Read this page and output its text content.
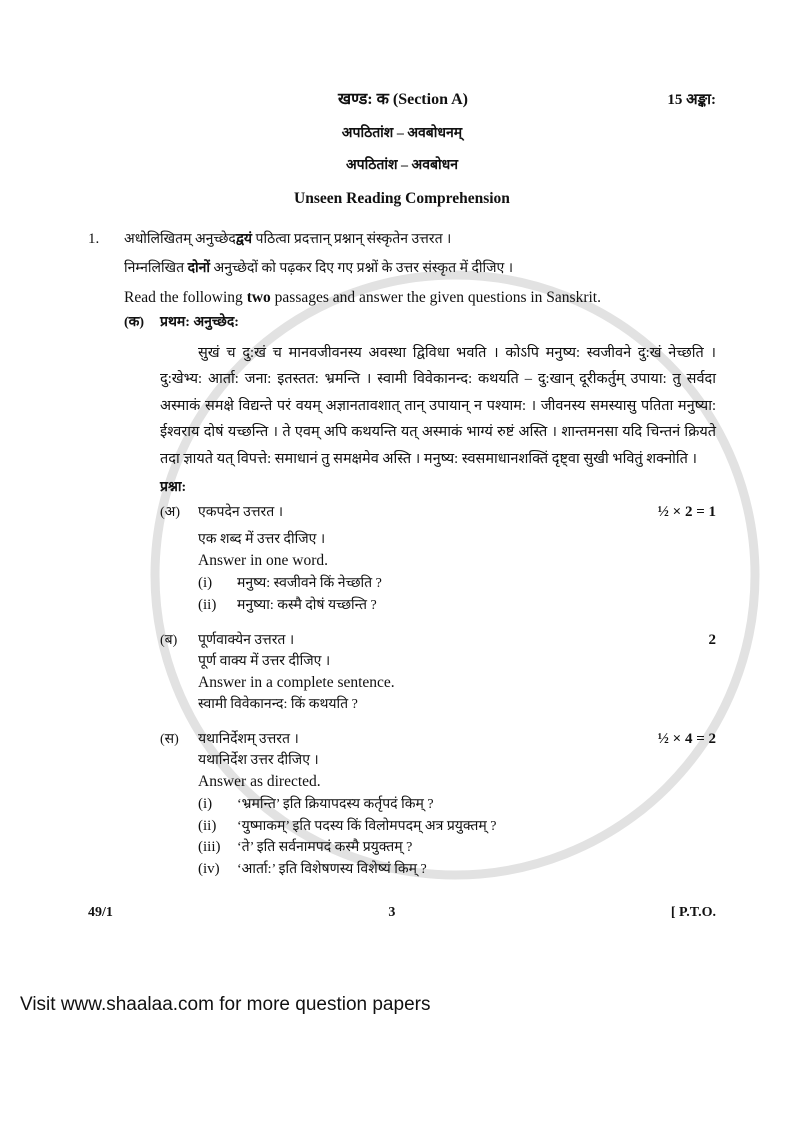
खण्ड: क (Section A)	15 अङ्का:
अपठितांश – अवबोधनम्
अपठितांश – अवबोधन
Unseen Reading Comprehension
1.	अधोलिखितम् अनुच्छेदद्वयं पठित्वा प्रदत्तान् प्रश्नान् संस्कृतेन उत्तरत ।
निम्नलिखित दोनों अनुच्छेदों को पढ़कर दिए गए प्रश्नों के उत्तर संस्कृत में दीजिए ।
Read the following two passages and answer the given questions in Sanskrit.
(क)	प्रथम: अनुच्छेद:
सुखं च दु:खं च मानवजीवनस्य अवस्था द्विविधा भवति । कोऽपि मनुष्य: स्वजीवने दु:खं नेच्छति । दु:खेभ्य: आर्ता: जना: इतस्तत: भ्रमन्ति । स्वामी विवेकानन्द: कथयति – दु:खान् दूरीकर्तुम् उपाया: तु सर्वदा अस्माकं समक्षे विद्यन्ते परं वयम् अज्ञानतावशात् तान् उपायान् न पश्याम: । जीवनस्य समस्यासु पतिता मनुष्या: ईश्वराय दोषं यच्छन्ति । ते एवम् अपि कथयन्ति यत् अस्माकं भाग्यं रुष्टं अस्ति । शान्तमनसा यदि चिन्तनं क्रियते तदा ज्ञायते यत् विपत्ते: समाधानं तु समक्षमेव अस्ति । मनुष्य: स्वसमाधानशक्तिं दृष्ट्वा सुखी भवितुं शक्नोति ।
प्रश्ना:
(अ)	एकपदेन उत्तरत ।	½ × 2 = 1
एक शब्द में उत्तर दीजिए ।
Answer in one word.
(i)	मनुष्य: स्वजीवने किं नेच्छति ?
(ii)	मनुष्या: कस्मै दोषं यच्छन्ति ?
(ब)	पूर्णवाक्येन उत्तरत ।	2
पूर्ण वाक्य में उत्तर दीजिए ।
Answer in a complete sentence.
स्वामी विवेकानन्द: किं कथयति ?
(स)	यथानिर्देशम् उत्तरत ।	½ × 4 = 2
यथानिर्देश उत्तर दीजिए ।
Answer as directed.
(i)	‘भ्रमन्ति’ इति क्रियापदस्य कर्तृपदं किम् ?
(ii)	‘युष्माकम्’ इति पदस्य किं विलोमपदम् अत्र प्रयुक्तम् ?
(iii)	‘ते’ इति सर्वनामपदं कस्मै प्रयुक्तम् ?
(iv)	‘आर्ता:’ इति विशेषणस्य विशेष्यं किम् ?
49/1	3	[ P.T.O.
Visit www.shaalaa.com for more question papers
